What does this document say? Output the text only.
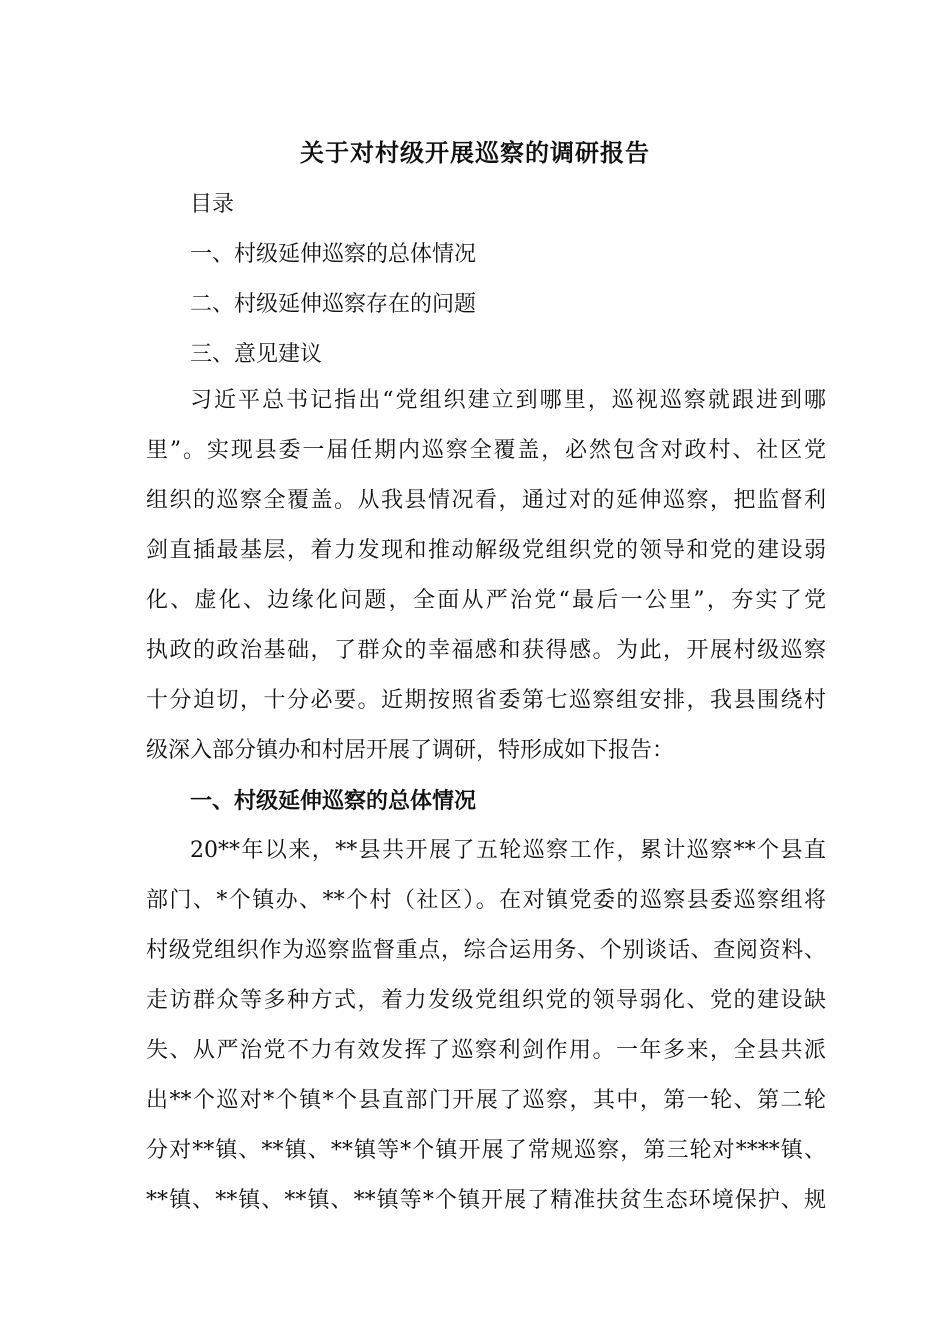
关于对村级开展巡察的调研报告
目录
一、村级延伸巡察的总体情况
二、村级延伸巡察存在的问题
三、意见建议
习近平总书记指出“党组织建立到哪里，巡视巡察就跟进到哪
里”。实现县委一届任期内巡察全覆盖，必然包含对政村、社区党
组织的巡察全覆盖。从我县情况看，通过对的延伸巡察，把监督利
剑直插最基层，着力发现和推动解级党组织党的领导和党的建设弱
化、虚化、边缘化问题，全面从严治党“最后一公里”，夯实了党
执政的政治基础，了群众的幸福感和获得感。为此，开展村级巡察
十分迫切，十分必要。近期按照省委第七巡察组安排，我县围绕村
级深入部分镇办和村居开展了调研，特形成如下报告：
一、村级延伸巡察的总体情况
20**年以来，**县共开展了五轮巡察工作，累计巡察**个县直
部门、*个镇办、**个村（社区）。在对镇党委的巡察县委巡察组将
村级党组织作为巡察监督重点，综合运用务、个别谈话、查阅资料、
走访群众等多种方式，着力发级党组织党的领导弱化、党的建设缺
失、从严治党不力有效发挥了巡察利剑作用。一年多来，全县共派
出**个巡对*个镇*个县直部门开展了巡察，其中，第一轮、第二轮
分对**镇、**镇、**镇等*个镇开展了常规巡察，第三轮对****镇、
**镇、**镇、**镇、**镇等*个镇开展了精准扶贫生态环境保护、规
